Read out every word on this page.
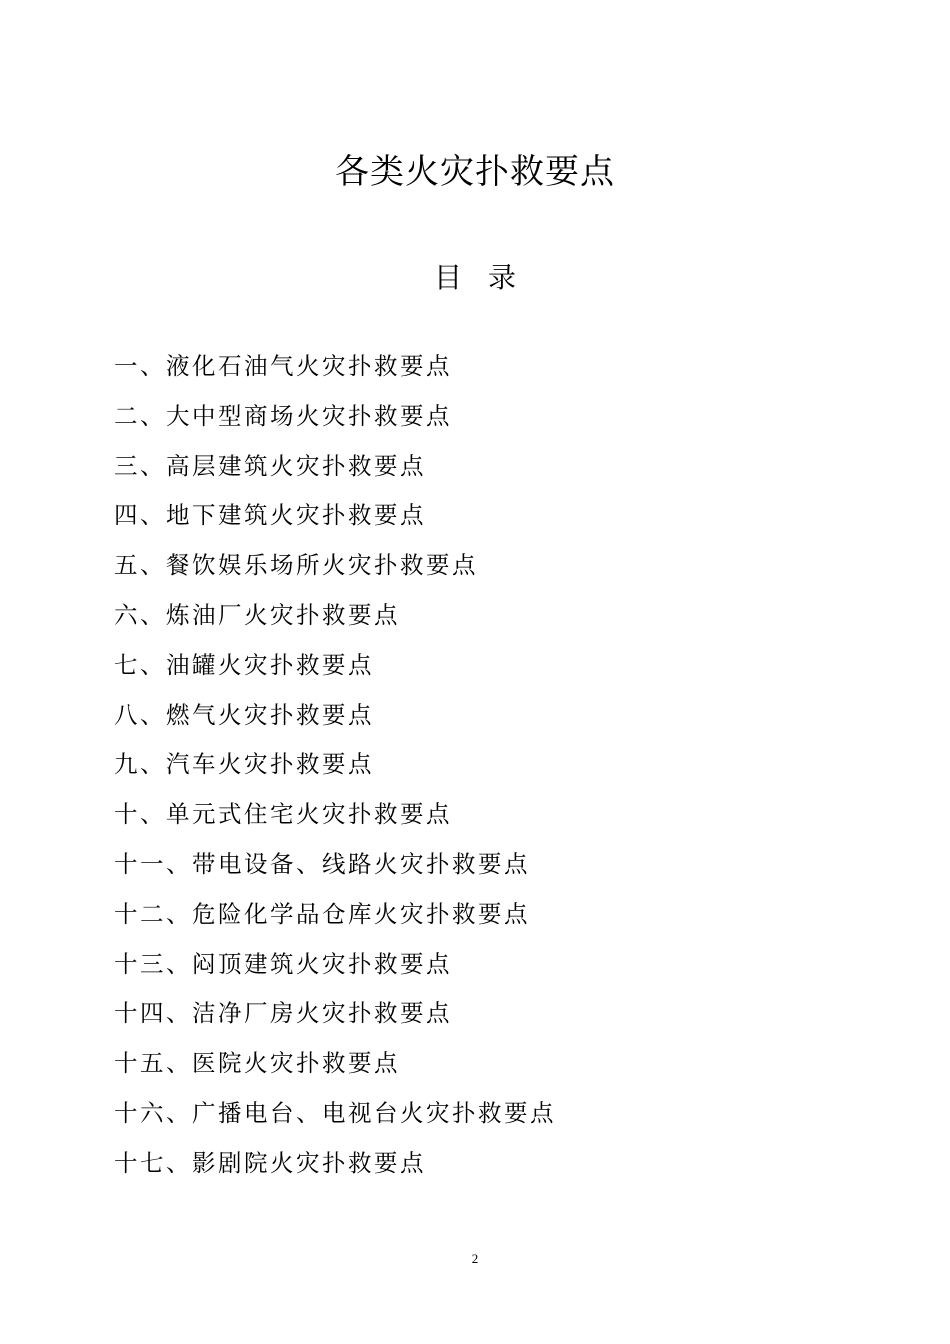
各类火灾扑救要点
目 录
一、液化石油气火灾扑救要点
二、大中型商场火灾扑救要点
三、高层建筑火灾扑救要点
四、地下建筑火灾扑救要点
五、餐饮娱乐场所火灾扑救要点
六、炼油厂火灾扑救要点
七、油罐火灾扑救要点
八、燃气火灾扑救要点
九、汽车火灾扑救要点
十、单元式住宅火灾扑救要点
十一、带电设备、线路火灾扑救要点
十二、危险化学品仓库火灾扑救要点
十三、闷顶建筑火灾扑救要点
十四、洁净厂房火灾扑救要点
十五、医院火灾扑救要点
十六、广播电台、电视台火灾扑救要点
十七、影剧院火灾扑救要点
2
